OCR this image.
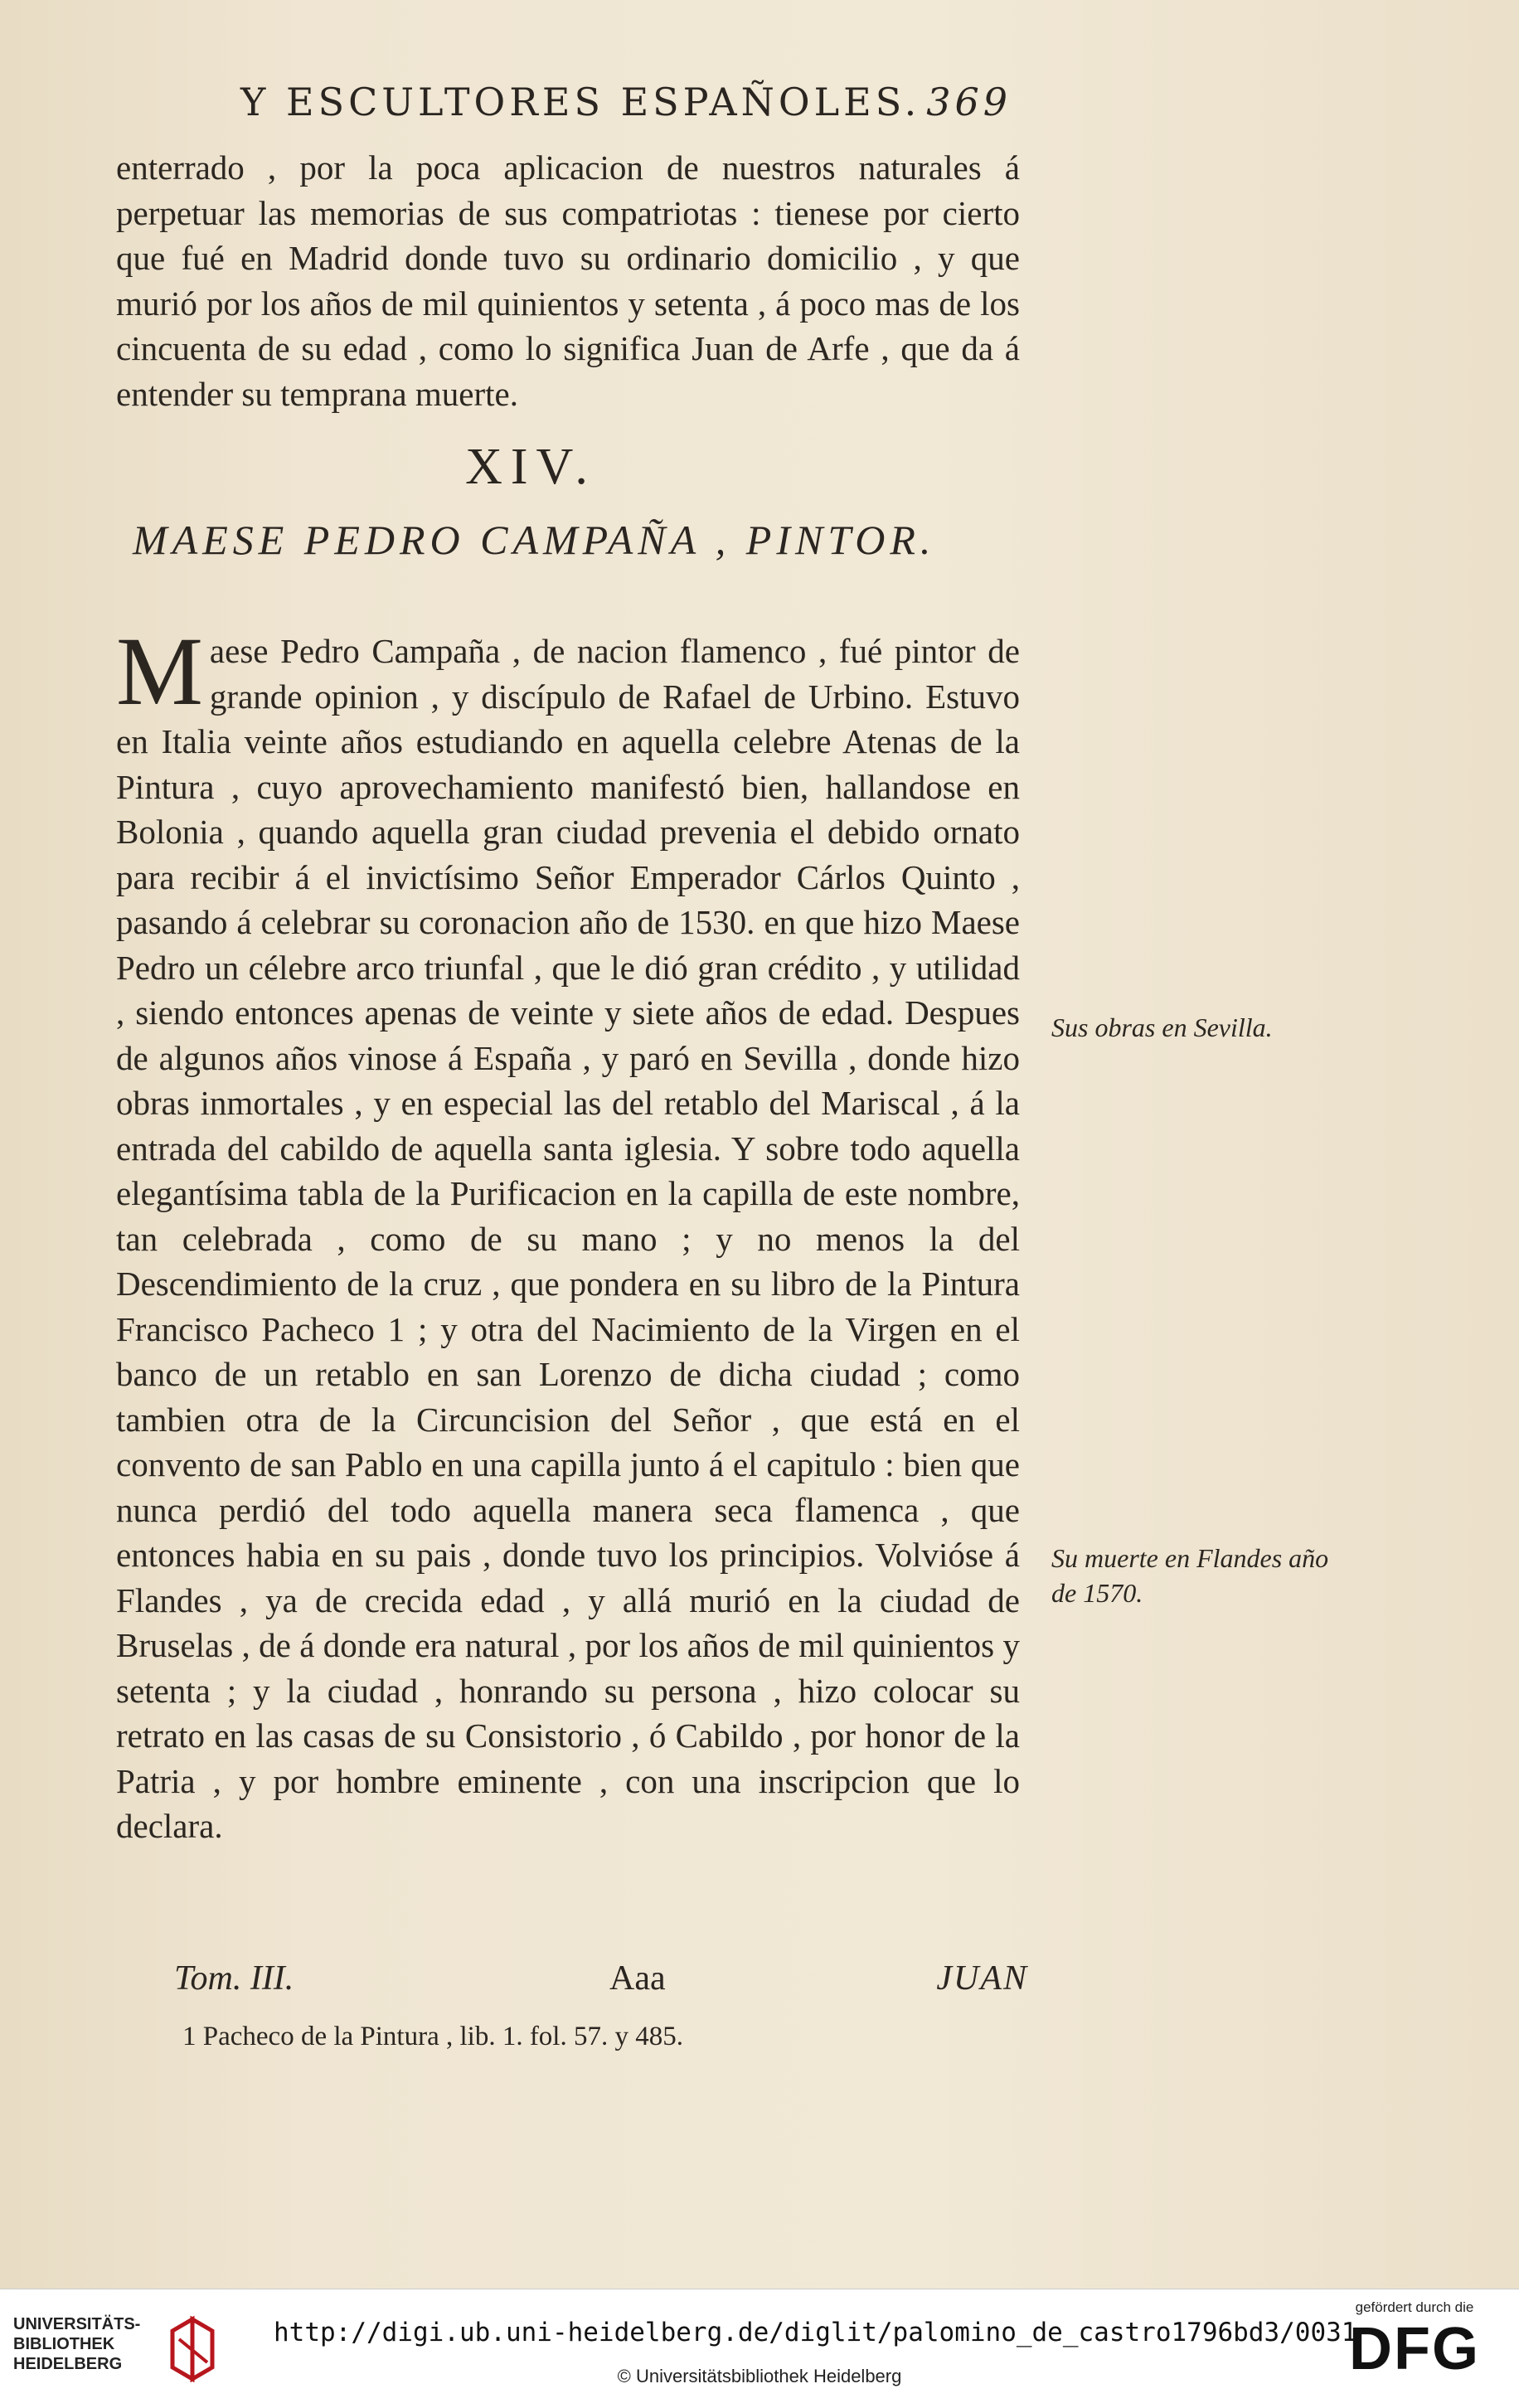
Y ESCULTORES ESPAÑOLES. 369
enterrado , por la poca aplicacion de nuestros naturales á perpetuar las memorias de sus compatriotas : tienese por cierto que fué en Madrid donde tuvo su ordinario domicilio , y que murió por los años de mil quinientos y setenta , á poco mas de los cincuenta de su edad , como lo significa Juan de Arfe , que da á entender su temprana muerte.
XIV.
MAESE PEDRO CAMPAÑA , PINTOR.
M aese Pedro Campaña , de nacion flamenco , fué pintor de grande opinion , y discípulo de Rafael de Urbino. Estuvo en Italia veinte años estudiando en aquella celebre Atenas de la Pintura , cuyo aprovechamiento manifestó bien, hallandose en Bolonia , quando aquella gran ciudad prevenia el debido ornato para recibir á el invictísimo Señor Emperador Cárlos Quinto , pasando á celebrar su coronacion año de 1530. en que hizo Maese Pedro un célebre arco triunfal , que le dió gran crédito , y utilidad , siendo entonces apenas de veinte y siete años de edad. Despues de algunos años vinose á España , y paró en Sevilla , donde hizo obras inmortales , y en especial las del retablo del Mariscal , á la entrada del cabildo de aquella santa iglesia. Y sobre todo aquella elegantísima tabla de la Purificacion en la capilla de este nombre, tan celebrada , como de su mano ; y no menos la del Descendimiento de la cruz , que pondera en su libro de la Pintura Francisco Pacheco 1 ; y otra del Nacimiento de la Virgen en el banco de un retablo en san Lorenzo de dicha ciudad ; como tambien otra de la Circuncision del Señor , que está en el convento de san Pablo en una capilla junto á el capitulo : bien que nunca perdió del todo aquella manera seca flamenca , que entonces habia en su pais , donde tuvo los principios. Volvióse á Flandes , ya de crecida edad , y allá murió en la ciudad de Bruselas , de á donde era natural , por los años de mil quinientos y setenta ; y la ciudad , honrando su persona , hizo colocar su retrato en las casas de su Consistorio , ó Cabildo , por honor de la Patria , y por hombre eminente , con una inscripcion que lo declara.
Sus obras en Sevilla.
Su muerte en Flandes año de 1570.
Tom. III.	Aaa	JUAN
1 Pacheco de la Pintura , lib. 1. fol. 57. y 485.
UNIVERSITÄTS-
BIBLIOTHEK
HEIDELBERG
http://digi.ub.uni-heidelberg.de/diglit/palomino_de_castro1796bd3/0031
© Universitätsbibliothek Heidelberg
gefördert durch die
DFG
